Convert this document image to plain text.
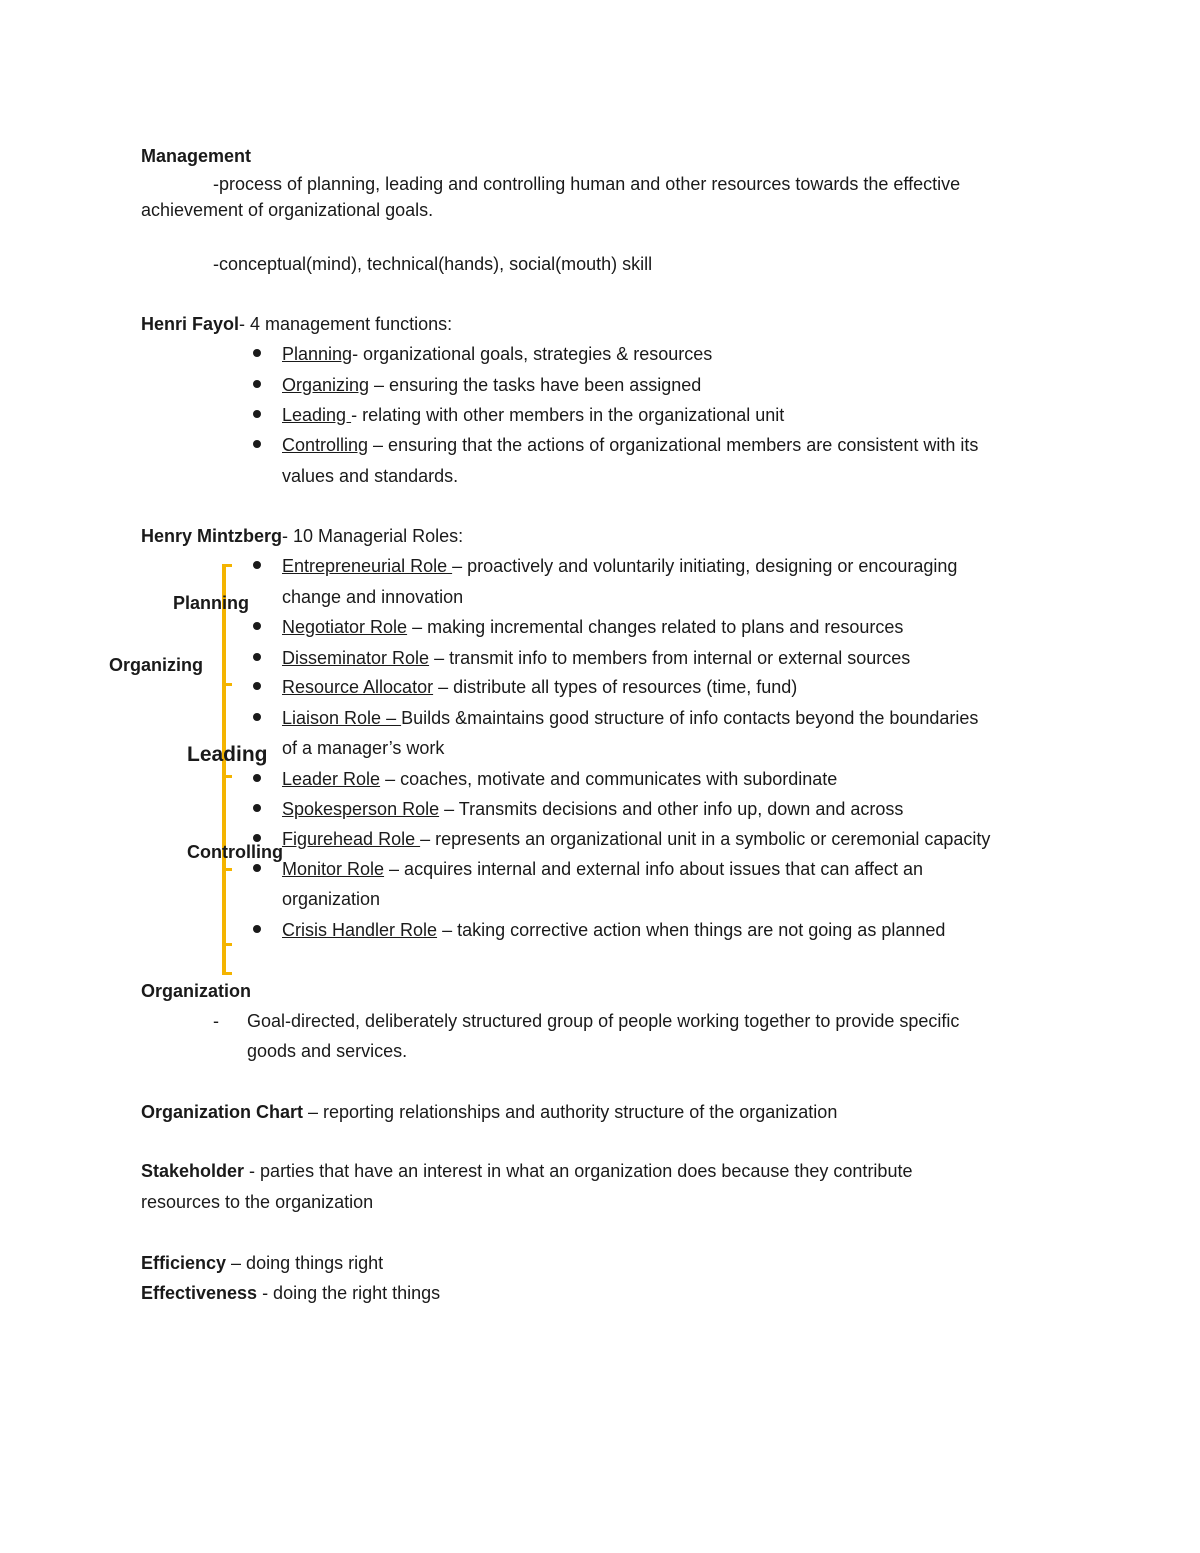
Management
-process of planning, leading and controlling human and other resources towards the effective
achievement of organizational goals.
-conceptual(mind), technical(hands), social(mouth) skill
Henri Fayol- 4 management functions:
Planning- organizational goals, strategies & resources
Organizing – ensuring the tasks have been assigned
Leading - relating with other members in the organizational unit
Controlling – ensuring that the actions of organizational members are consistent with its
values and standards.
Henry Mintzberg- 10 Managerial Roles:
Planning
Organizing
Leading
Controlling
Entrepreneurial Role – proactively and voluntarily initiating, designing or encouraging
change and innovation
Negotiator Role – making incremental changes related to plans and resources
Disseminator Role – transmit info to members from internal or external sources
Resource Allocator – distribute all types of resources (time, fund)
Liaison Role – Builds &maintains good structure of info contacts beyond the boundaries
of a manager’s work
Leader Role – coaches, motivate and communicates with subordinate
Spokesperson Role – Transmits decisions and other info up, down and across
Figurehead Role – represents an organizational unit in a symbolic or ceremonial capacity
Monitor Role – acquires internal and external info about issues that can affect an
organization
Crisis Handler Role – taking corrective action when things are not going as planned
Organization
- Goal-directed, deliberately structured group of people working together to provide specific
goods and services.
Organization Chart – reporting relationships and authority structure of the organization
Stakeholder - parties that have an interest in what an organization does because they contribute
resources to the organization
Efficiency – doing things right
Effectiveness - doing the right things
